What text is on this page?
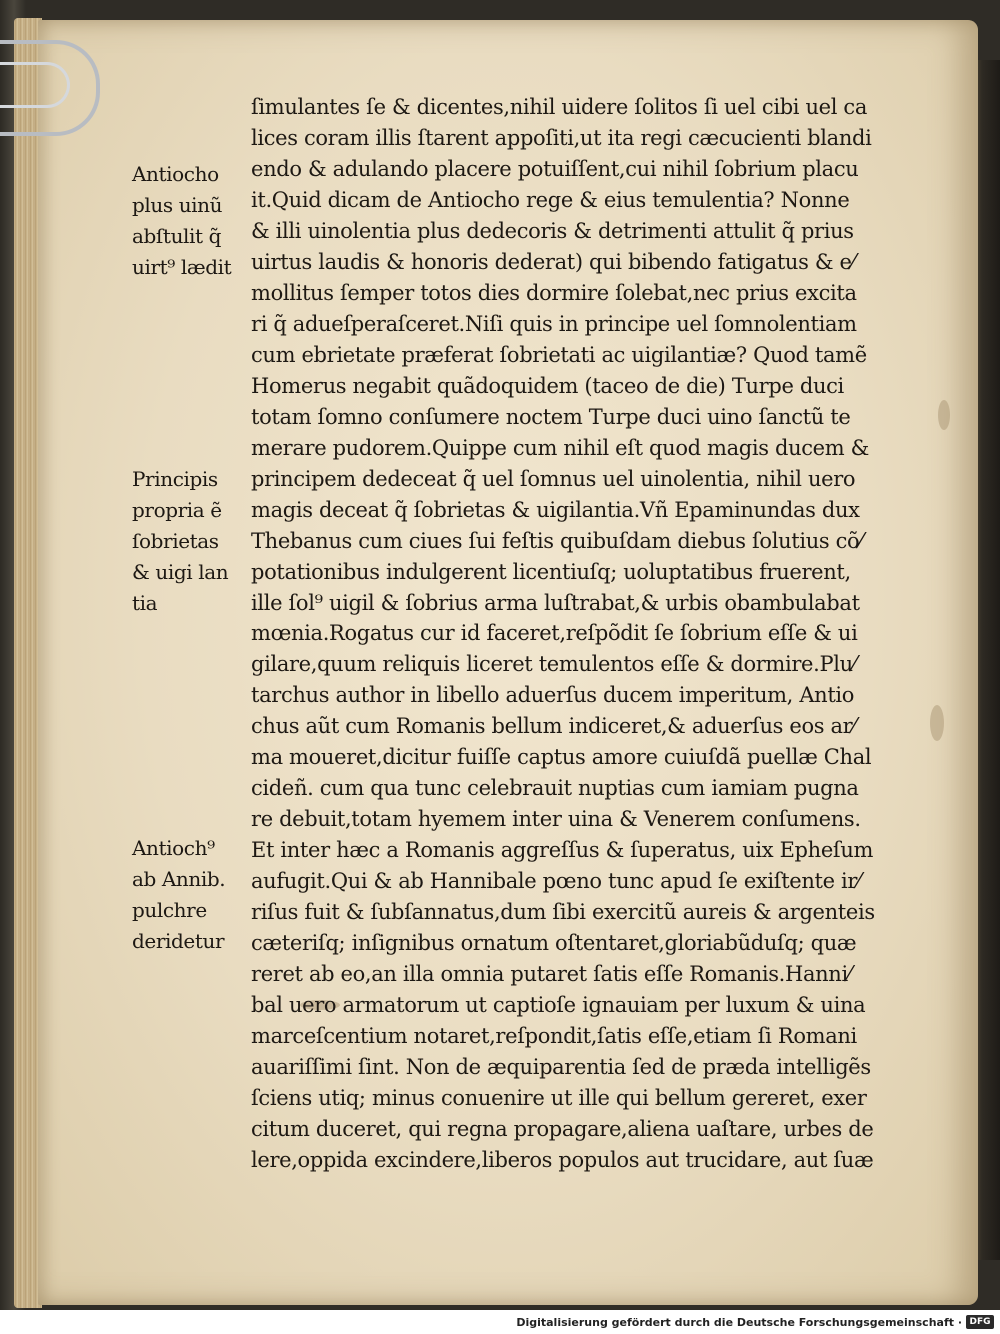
ſimulantes ſe & dicentes,nihil uidere ſolitos ſi uel cibi uel ca
lices coram illis ſtarent appoſiti,ut ita regi cæcucienti blandi
endo & adulando placere potuiſſent,cui nihil ſobrium placu
it.Quid dicam de Antiocho rege & eius temulentia? Nonne
& illi uinolentia plus dedecoris & detrimenti attulit q̃ prius
uirtus laudis & honoris dederat) qui bibendo fatigatus & e⁄
mollitus ſemper totos dies dormire ſolebat,nec prius excita
ri q̃ adueſperaſceret.Niſi quis in principe uel ſomnolentiam
cum ebrietate præferat ſobrietati ac uigilantiæ? Quod tamẽ
Homerus negabit quãdoquidem (taceo de die) Turpe duci
totam ſomno conſumere noctem Turpe duci uino ſanctũ te
merare pudorem.Quippe cum nihil eſt quod magis ducem &
principem dedeceat q̃ uel ſomnus uel uinolentia, nihil uero
magis deceat q̃ ſobrietas & uigilantia.Vñ Epaminundas dux
Thebanus cum ciues ſui feſtis quibuſdam diebus ſolutius cõ⁄
potationibus indulgerent licentiuſq; uoluptatibus fruerent,
ille ſol⁹ uigil & ſobrius arma luſtrabat,& urbis obambulabat
mœnia.Rogatus cur id faceret,reſpõdit ſe ſobrium eſſe & ui
gilare,quum reliquis liceret temulentos eſſe & dormire.Plu⁄
tarchus author in libello aduerſus ducem imperitum, Antio
chus aũt cum Romanis bellum indiceret,& aduerſus eos ar⁄
ma moueret,dicitur fuiſſe captus amore cuiuſdã puellæ Chal
cideñ. cum qua tunc celebrauit nuptias cum iamiam pugna
re debuit,totam hyemem inter uina & Venerem conſumens.
Et inter hæc a Romanis aggreſſus & ſuperatus, uix Epheſum
aufugit.Qui & ab Hannibale pœno tunc apud ſe exiſtente ir⁄
riſus fuit & ſubſannatus,dum ſibi exercitũ aureis & argenteis
cæteriſq; inſignibus ornatum oſtentaret,gloriabũduſq; quæ
reret ab eo,an illa omnia putaret ſatis eſſe Romanis.Hanni⁄
bal uero armatorum ut captioſe ignauiam per luxum & uina
marceſcentium notaret,reſpondit,ſatis eſſe,etiam ſi Romani
auariſſimi ſint. Non de æquiparentia ſed de præda intelligẽs
ſciens utiq; minus conuenire ut ille qui bellum gereret, exer
citum duceret, qui regna propagare,aliena uaſtare, urbes de
lere,oppida excindere,liberos populos aut trucidare, aut ſuæ
Antiocho
plus uinũ
abſtulit q̃
uirt⁹ lædit
Principis
propria ẽ
ſobrietas
& uigi lan
tia
Antioch⁹
ab Annib.
pulchre
deridetur
Digitalisierung gefördert durch die Deutsche Forschungsgemeinschaft · DFG
